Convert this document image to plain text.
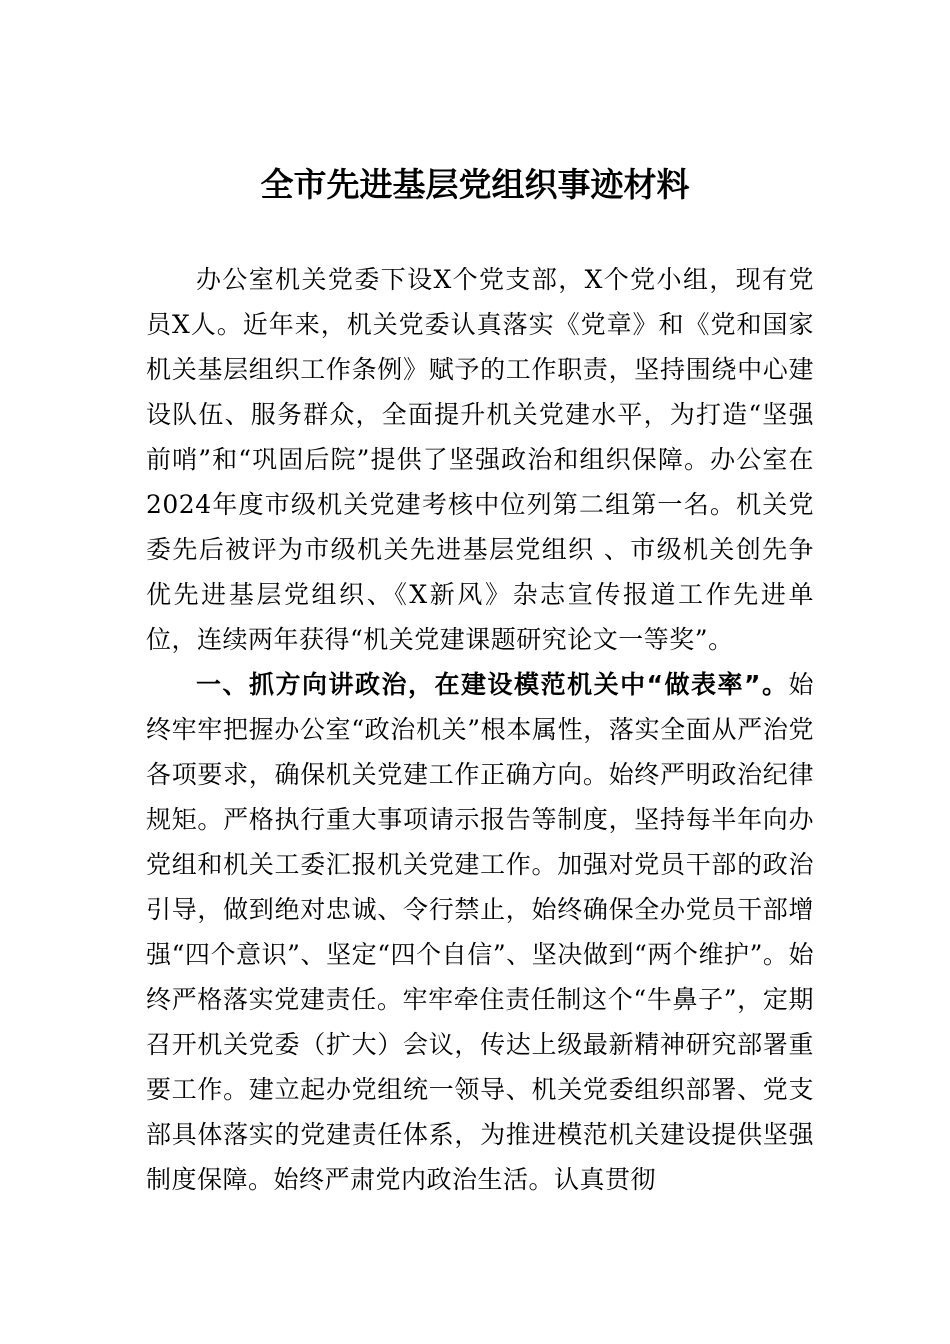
全市先进基层党组织事迹材料

办公室机关党委下设X个党支部，X个党小组，现有党员X人。近年来，机关党委认真落实《党章》和《党和国家机关基层组织工作条例》赋予的工作职责，坚持围绕中心建设队伍、服务群众，全面提升机关党建水平，为打造“坚强前哨”和“巩固后院”提供了坚强政治和组织保障。办公室在2024年度市级机关党建考核中位列第二组第一名。机关党委先后被评为市级机关先进基层党组织 、市级机关创先争优先进基层党组织、《X新风》杂志宣传报道工作先进单位，连续两年获得“机关党建课题研究论文一等奖”。

一、抓方向讲政治，在建设模范机关中“做表率”。始终牢牢把握办公室“政治机关”根本属性，落实全面从严治党各项要求，确保机关党建工作正确方向。始终严明政治纪律规矩。严格执行重大事项请示报告等制度，坚持每半年向办党组和机关工委汇报机关党建工作。加强对党员干部的政治引导，做到绝对忠诚、令行禁止，始终确保全办党员干部增强“四个意识”、坚定“四个自信”、坚决做到“两个维护”。始终严格落实党建责任。牢牢牵住责任制这个“牛鼻子”，定期召开机关党委（扩大）会议，传达上级最新精神研究部署重要工作。建立起办党组统一领导、机关党委组织部署、党支部具体落实的党建责任体系，为推进模范机关建设提供坚强制度保障。始终严肃党内政治生活。认真贯彻
